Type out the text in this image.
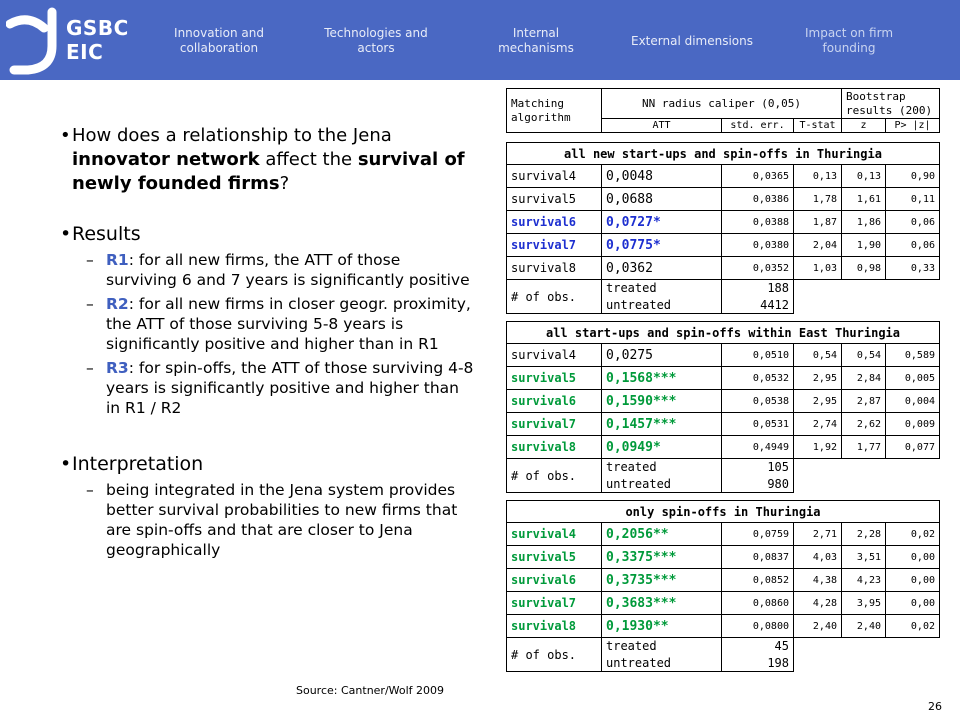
GSBC
EIC
Innovation and collaboration
Technologies and actors
Internal mechanisms
External dimensions
Impact on firm founding
• How does a relationship to the Jena innovator network affect the survival of newly founded firms?
• Results
– R1: for all new firms, the ATT of those surviving 6 and 7 years is significantly positive
– R2: for all new firms in closer geogr. proximity, the ATT of those surviving 5-8 years is significantly positive and higher than in R1
– R3: for spin-offs, the ATT of those surviving 4-8 years is significantly positive and higher than in R1 / R2
• Interpretation
– being integrated in the Jena system provides better survival probabilities to new firms that are spin-offs and that are closer to Jena geographically
Source: Cantner/Wolf 2009
26
Matching algorithm	NN radius caliper (0,05)			Bootstrap results (200)	
	ATT	std. err.	T-stat	z	P> |z|

all new start-ups and spin-offs in Thuringia					
survival4	0,0048	0,0365	0,13	0,13	0,90
survival5	0,0688	0,0386	1,78	1,61	0,11
survival6	0,0727*	0,0388	1,87	1,86	0,06
survival7	0,0775*	0,0380	2,04	1,90	0,06
survival8	0,0362	0,0352	1,03	0,98	0,33
# of obs.	treated	188			
	untreated	4412			

all start-ups and spin-offs within East Thuringia					
survival4	0,0275	0,0510	0,54	0,54	0,589
survival5	0,1568***	0,0532	2,95	2,84	0,005
survival6	0,1590***	0,0538	2,95	2,87	0,004
survival7	0,1457***	0,0531	2,74	2,62	0,009
survival8	0,0949*	0,4949	1,92	1,77	0,077
# of obs.	treated	105			
	untreated	980			

only spin-offs in Thuringia					
survival4	0,2056**	0,0759	2,71	2,28	0,02
survival5	0,3375***	0,0837	4,03	3,51	0,00
survival6	0,3735***	0,0852	4,38	4,23	0,00
survival7	0,3683***	0,0860	4,28	3,95	0,00
survival8	0,1930**	0,0800	2,40	2,40	0,02
# of obs.	treated	45			
	untreated	198			
